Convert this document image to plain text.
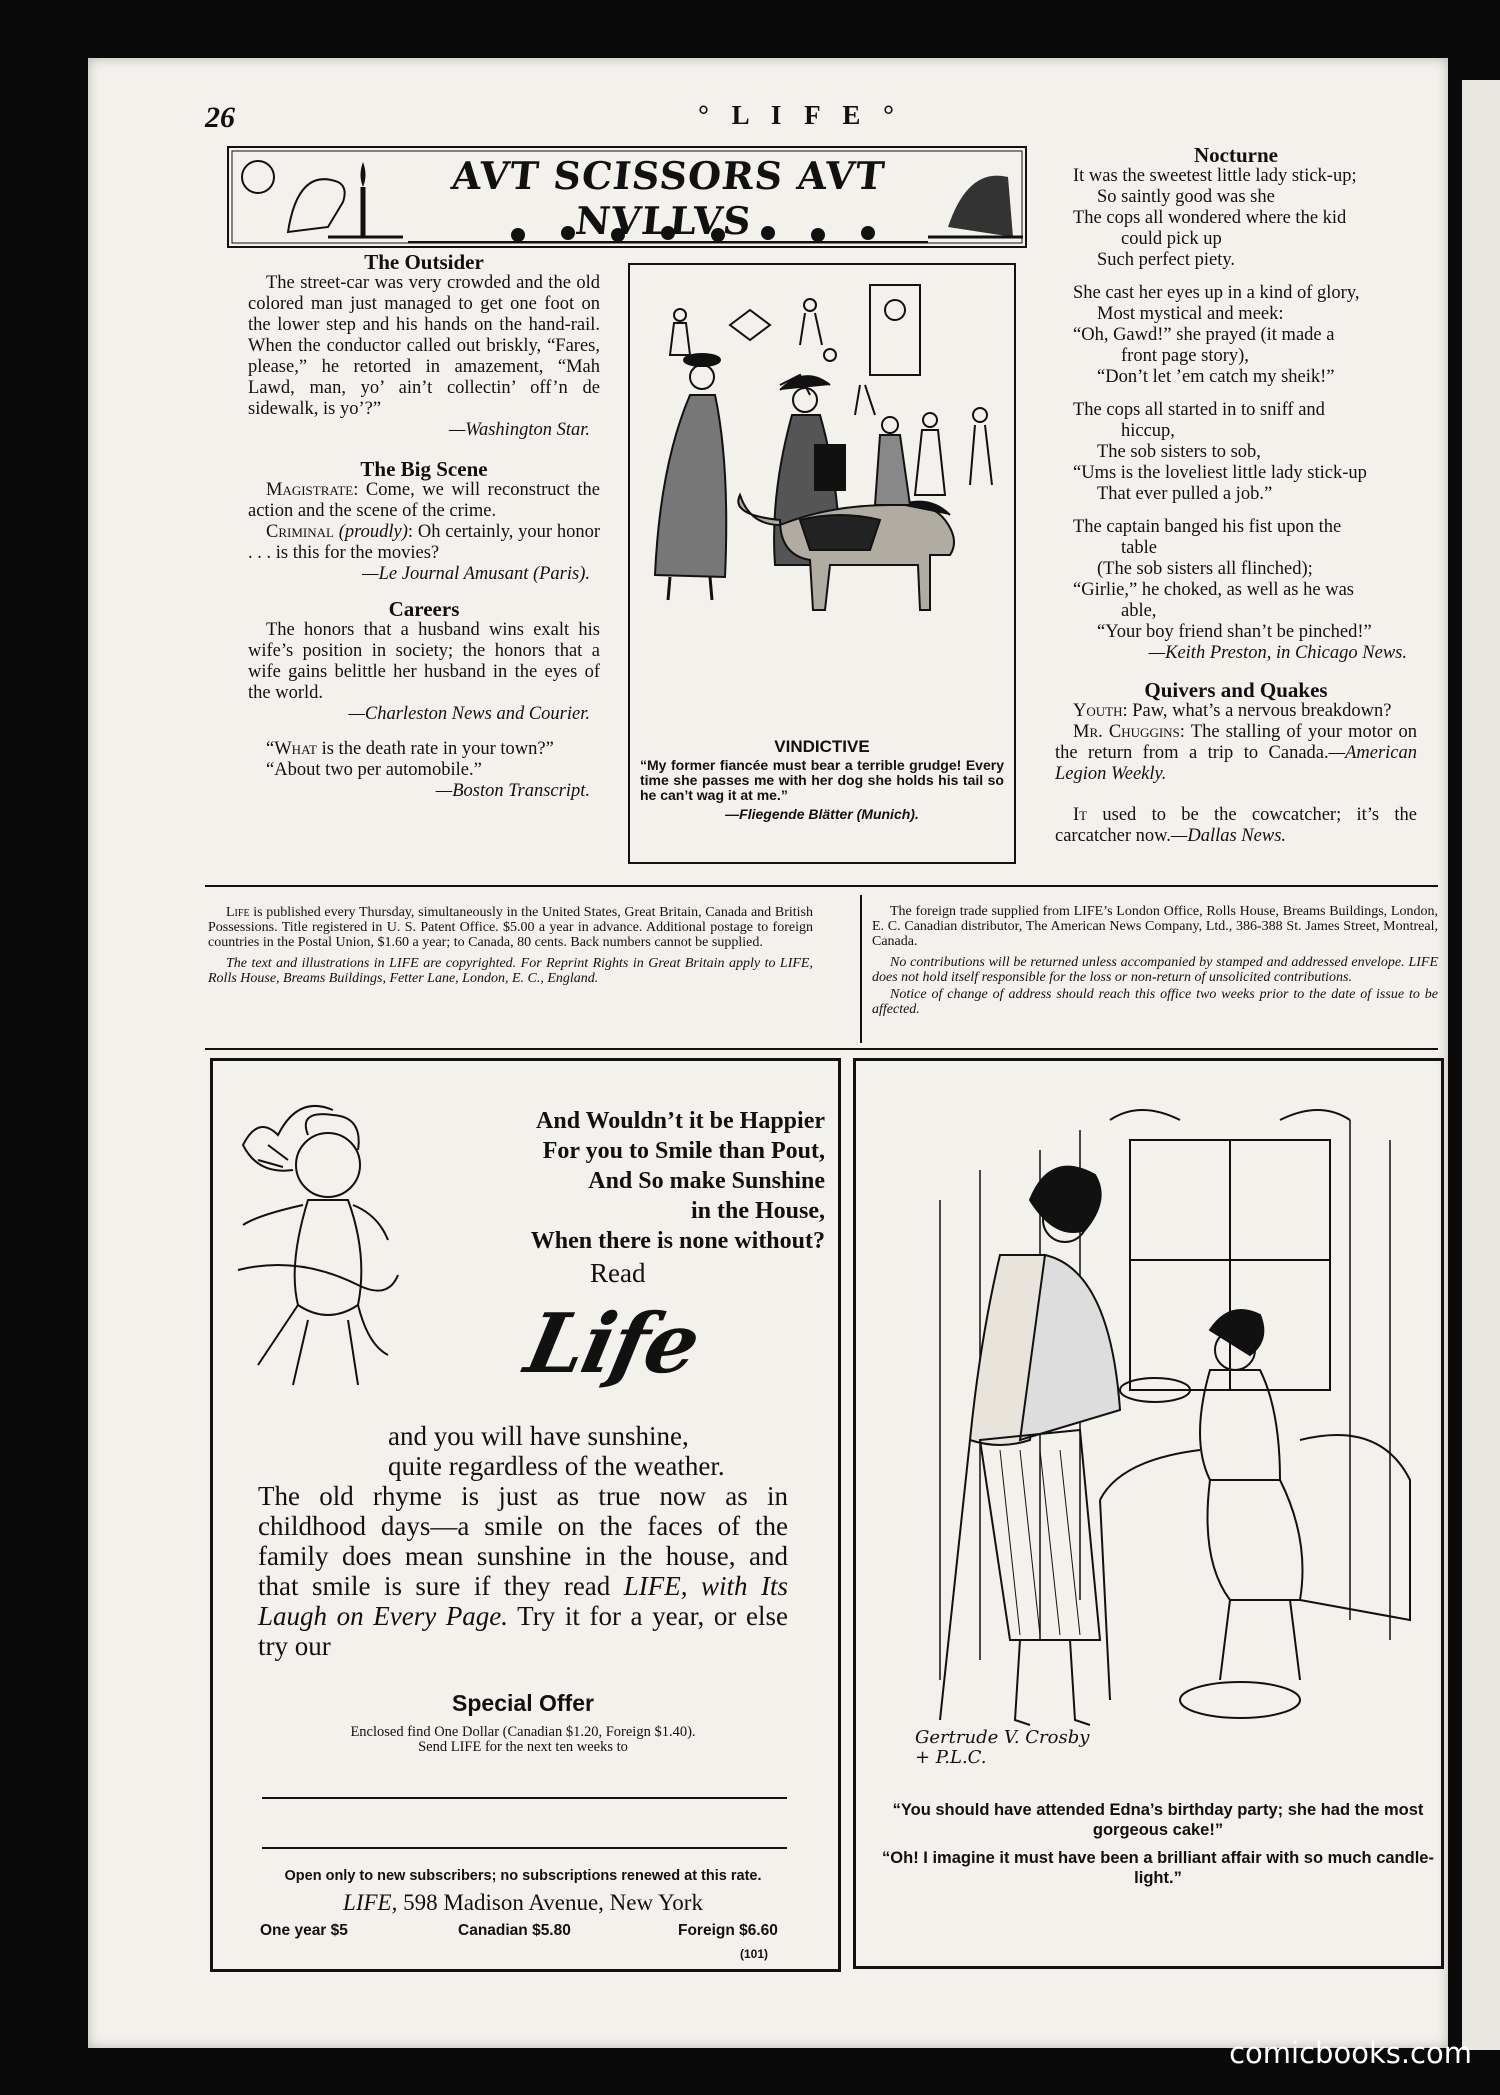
26	° L I F E °
AVT SCISSORS AVT NVLLVS
The Outsider

The street-car was very crowded and the old colored man just managed to get one foot on the lower step and his hands on the hand-rail. When the conductor called out briskly, “Fares, please,” he retorted in amazement, “Mah Lawd, man, yo’ ain’t collectin’ off’n de sidewalk, is yo’?”

—Washington Star.
The Big Scene

Magistrate: Come, we will reconstruct the action and the scene of the crime.

Criminal (proudly): Oh certainly, your honor . . . is this for the movies?

—Le Journal Amusant (Paris).
Careers

The honors that a husband wins exalt his wife’s position in society; the honors that a wife gains belittle her husband in the eyes of the world.

—Charleston News and Courier.

“What is the death rate in your town?”

“About two per automobile.”

—Boston Transcript.
VINDICTIVE
“My former fiancée must bear a terrible grudge! Every time she passes me with her dog she holds his tail so he can’t wag it at me.”
—Fliegende Blätter (Munich).
Nocturne

It was the sweetest little lady stick-up;

So saintly good was she

The cops all wondered where the kid

could pick up

Such perfect piety.

She cast her eyes up in a kind of glory,

Most mystical and meek:

“Oh, Gawd!” she prayed (it made a

front page story),

“Don’t let ’em catch my sheik!”

The cops all started in to sniff and

hiccup,

The sob sisters to sob,

“Ums is the loveliest little lady stick-up

That ever pulled a job.”

The captain banged his fist upon the

table

(The sob sisters all flinched);

“Girlie,” he choked, as well as he was

able,

“Your boy friend shan’t be pinched!”

—Keith Preston, in Chicago News.
Quivers and Quakes

Youth: Paw, what’s a nervous breakdown?

Mr. Chuggins: The stalling of your motor on the return from a trip to Canada.—American Legion Weekly.

It used to be the cowcatcher; it’s the carcatcher now.—Dallas News.

Life is published every Thursday, simultaneously in the United States, Great Britain, Canada and British Possessions. Title registered in U. S. Patent Office. $5.00 a year in advance. Additional postage to foreign countries in the Postal Union, $1.60 a year; to Canada, 80 cents. Back numbers cannot be supplied.

The text and illustrations in LIFE are copyrighted. For Reprint Rights in Great Britain apply to LIFE, Rolls House, Breams Buildings, Fetter Lane, London, E. C., England.

The foreign trade supplied from LIFE’s London Office, Rolls House, Breams Buildings, London, E. C. Canadian distributor, The American News Company, Ltd., 386-388 St. James Street, Montreal, Canada.

No contributions will be returned unless accompanied by stamped and addressed envelope. LIFE does not hold itself responsible for the loss or non-return of unsolicited contributions.

Notice of change of address should reach this office two weeks prior to the date of issue to be affected.

And Wouldn’t it be Happier
For you to Smile than Pout,
And So make Sunshine
in the House,
When there is none without?
Read
Life
and you will have sunshine,
quite regardless of the weather.
The old rhyme is just as true now as in childhood days—a smile on the faces of the family does mean sunshine in the house, and that smile is sure if they read LIFE, with Its Laugh on Every Page. Try it for a year, or else try our
Special Offer
Enclosed find One Dollar (Canadian $1.20, Foreign $1.40).
Send LIFE for the next ten weeks to
Open only to new subscribers; no subscriptions renewed at this rate.
LIFE, 598 Madison Avenue, New York
One year $5	Canadian $5.80	Foreign $6.60
(101)
Gertrude V. Crosby + P.L.C.
“You should have attended Edna’s birthday party; she had the most gorgeous cake!”
“Oh! I imagine it must have been a brilliant affair with so much candle-light.”
comicbooks.com
